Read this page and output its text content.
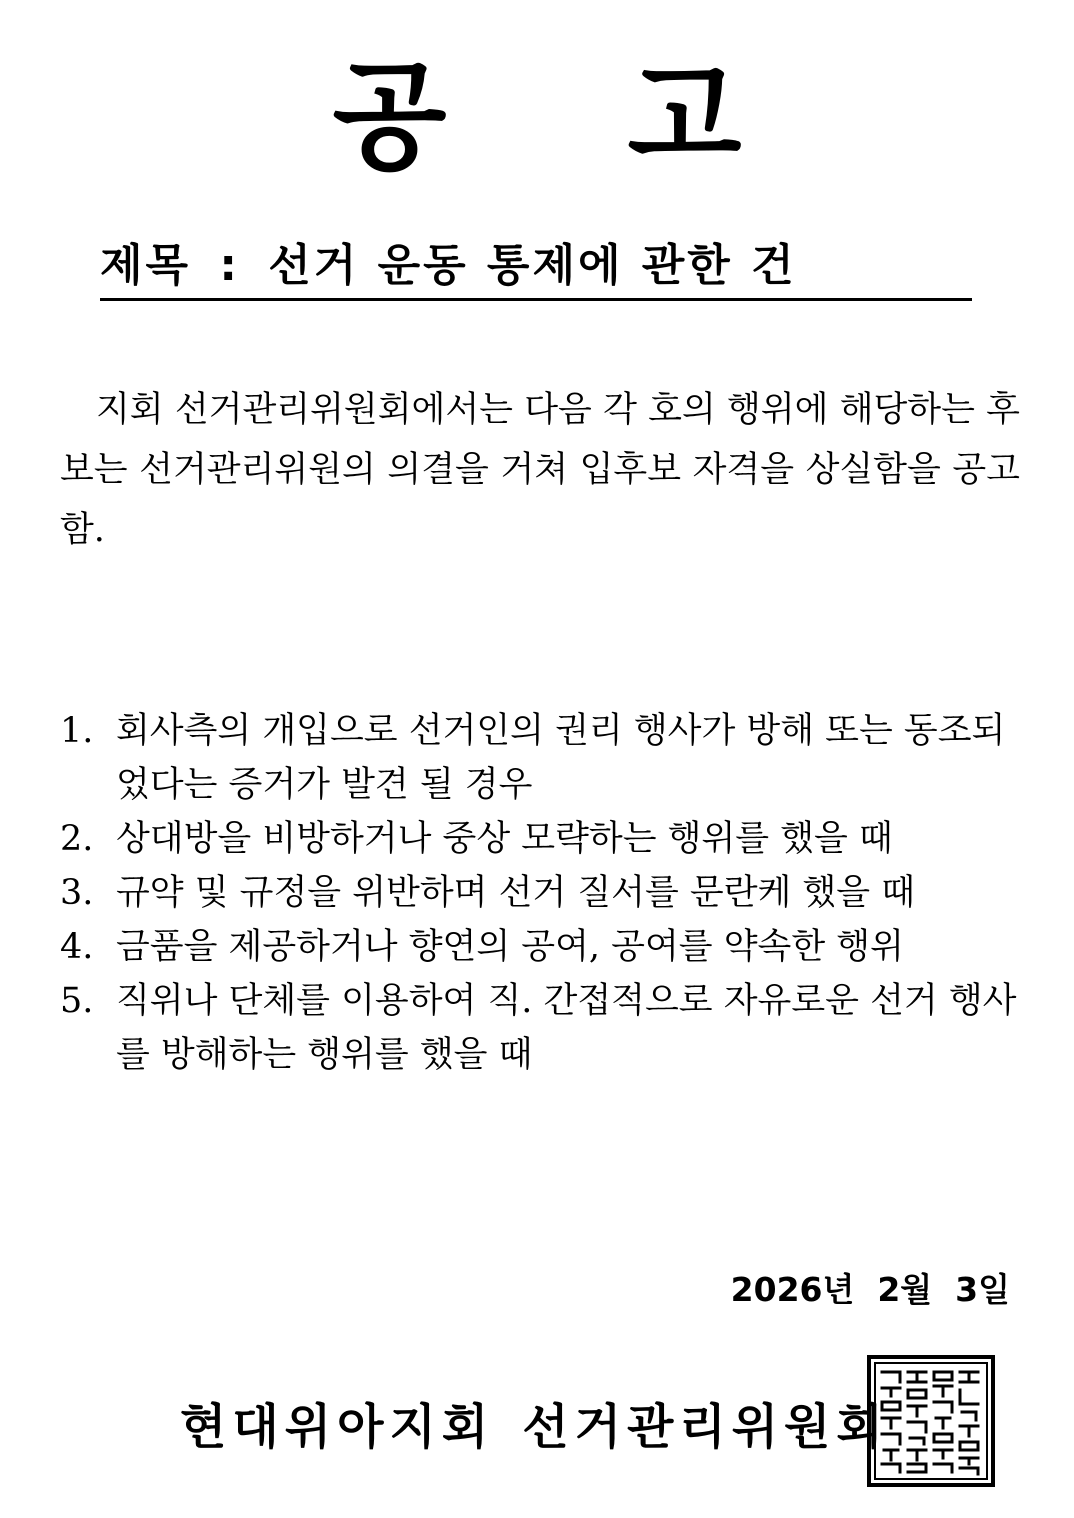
공 고
제목 : 선거 운동 통제에 관한 건
지회 선거관리위원회에서는 다음 각 호의 행위에 해당하는 후보는 선거관리위원의 의결을 거쳐 입후보 자격을 상실함을 공고함.
1. 회사측의 개입으로 선거인의 권리 행사가 방해 또는 동조되었다는 증거가 발견 될 경우
2. 상대방을 비방하거나 중상 모략하는 행위를 했을 때
3. 규약 및 규정을 위반하며 선거 질서를 문란케 했을 때
4. 금품을 제공하거나 향연의 공여, 공여를 약속한 행위
5. 직위나 단체를 이용하여 직. 간접적으로 자유로운 선거 행사를 방해하는 행위를 했을 때
2026년  2월  3일
현대위아지회 선거관리위원회
